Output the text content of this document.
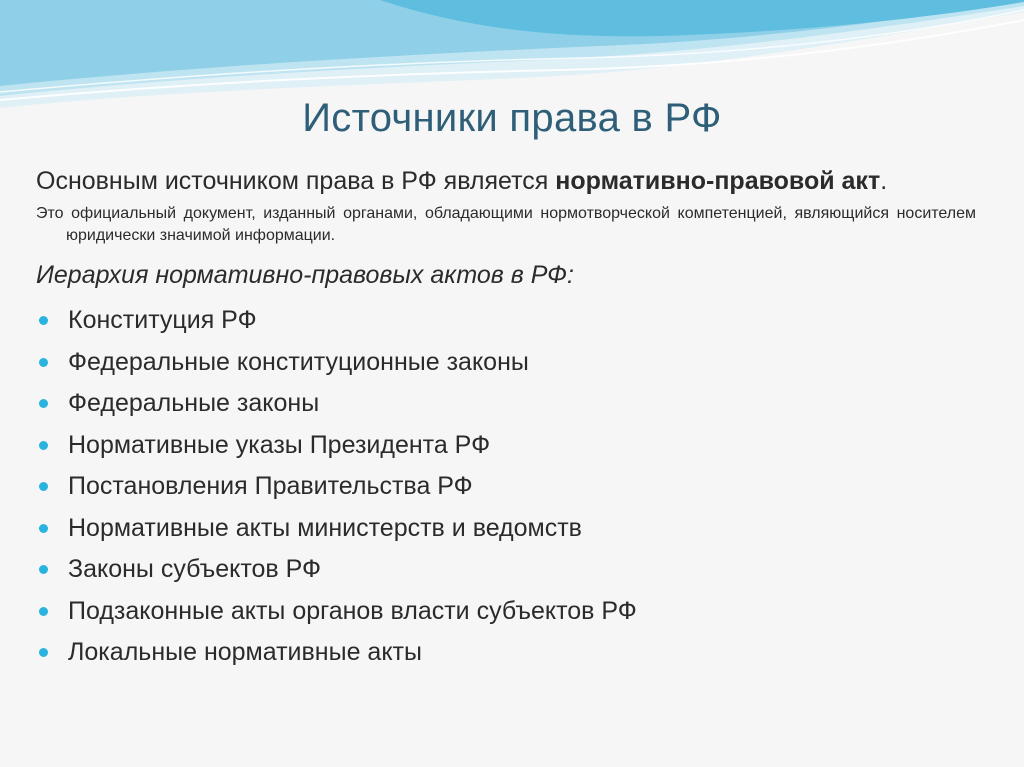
Источники права в РФ

Основным источником права в РФ является нормативно-правовой акт.

Это официальный документ, изданный органами, обладающими нормотворческой компетенцией, являющийся носителем юридически значимой информации.

Иерархия нормативно-правовых актов в РФ:

Конституция РФ
Федеральные конституционные законы
Федеральные законы
Нормативные указы Президента РФ
Постановления Правительства РФ
Нормативные акты министерств и ведомств
Законы субъектов РФ
Подзаконные акты органов власти субъектов РФ
Локальные нормативные акты
